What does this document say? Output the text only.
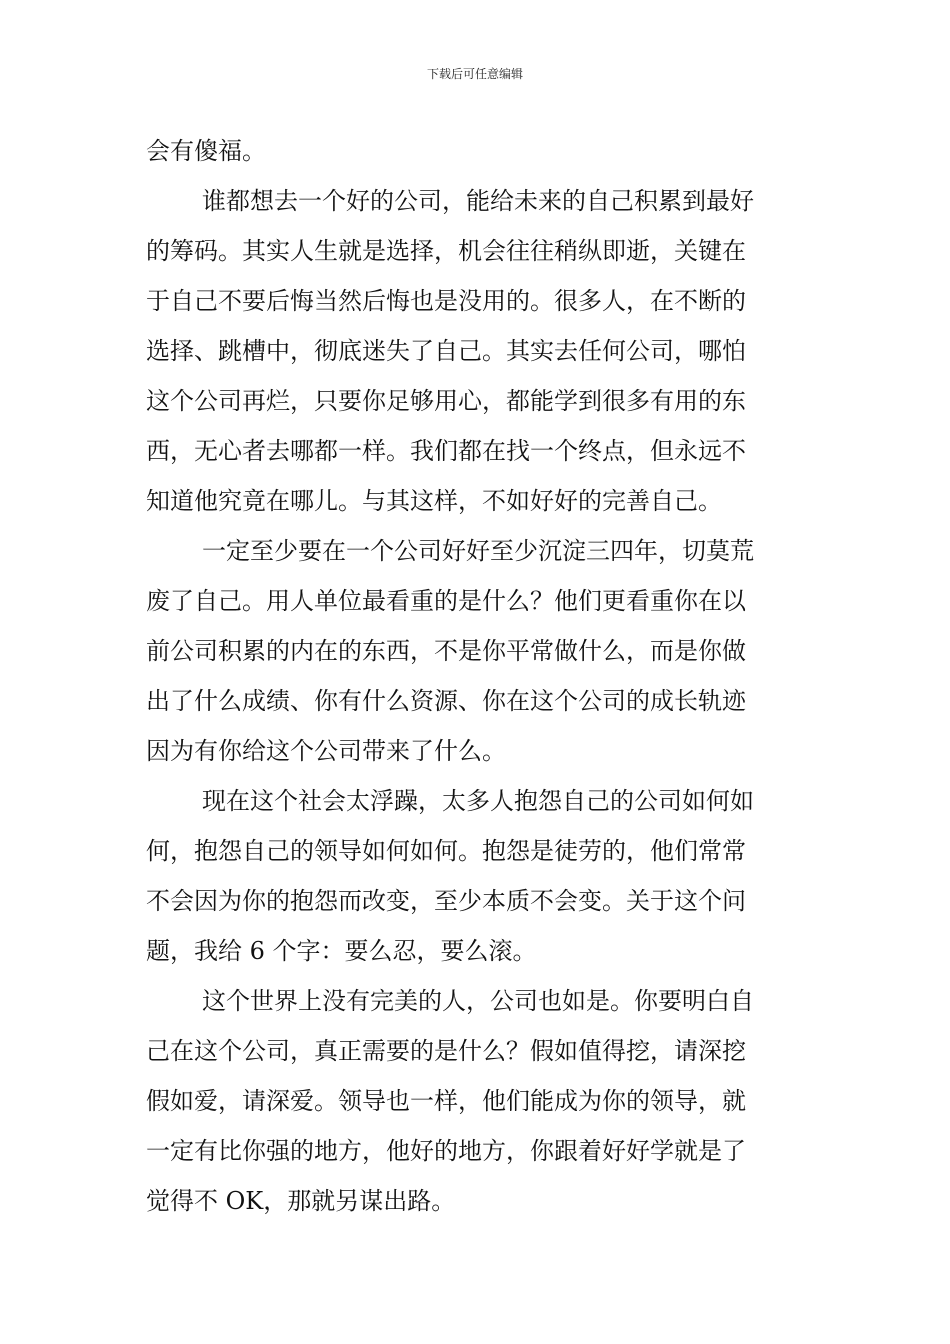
下载后可任意编辑
会有傻福。
谁都想去一个好的公司，能给未来的自己积累到最好
的筹码。其实人生就是选择，机会往往稍纵即逝，关键在
于自己不要后悔当然后悔也是没用的。很多人，在不断的
选择、跳槽中，彻底迷失了自己。其实去任何公司，哪怕
这个公司再烂，只要你足够用心，都能学到很多有用的东
西，无心者去哪都一样。我们都在找一个终点，但永远不
知道他究竟在哪儿。与其这样，不如好好的完善自己。
一定至少要在一个公司好好至少沉淀三四年，切莫荒
废了自己。用人单位最看重的是什么？他们更看重你在以
前公司积累的内在的东西，不是你平常做什么，而是你做
出了什么成绩、你有什么资源、你在这个公司的成长轨迹
因为有你给这个公司带来了什么。
现在这个社会太浮躁，太多人抱怨自己的公司如何如
何，抱怨自己的领导如何如何。抱怨是徒劳的，他们常常
不会因为你的抱怨而改变，至少本质不会变。关于这个问
题，我给 6 个字：要么忍，要么滚。
这个世界上没有完美的人，公司也如是。你要明白自
己在这个公司，真正需要的是什么？假如值得挖，请深挖
假如爱，请深爱。领导也一样，他们能成为你的领导，就
一定有比你强的地方，他好的地方，你跟着好好学就是了
觉得不 OK，那就另谋出路。
